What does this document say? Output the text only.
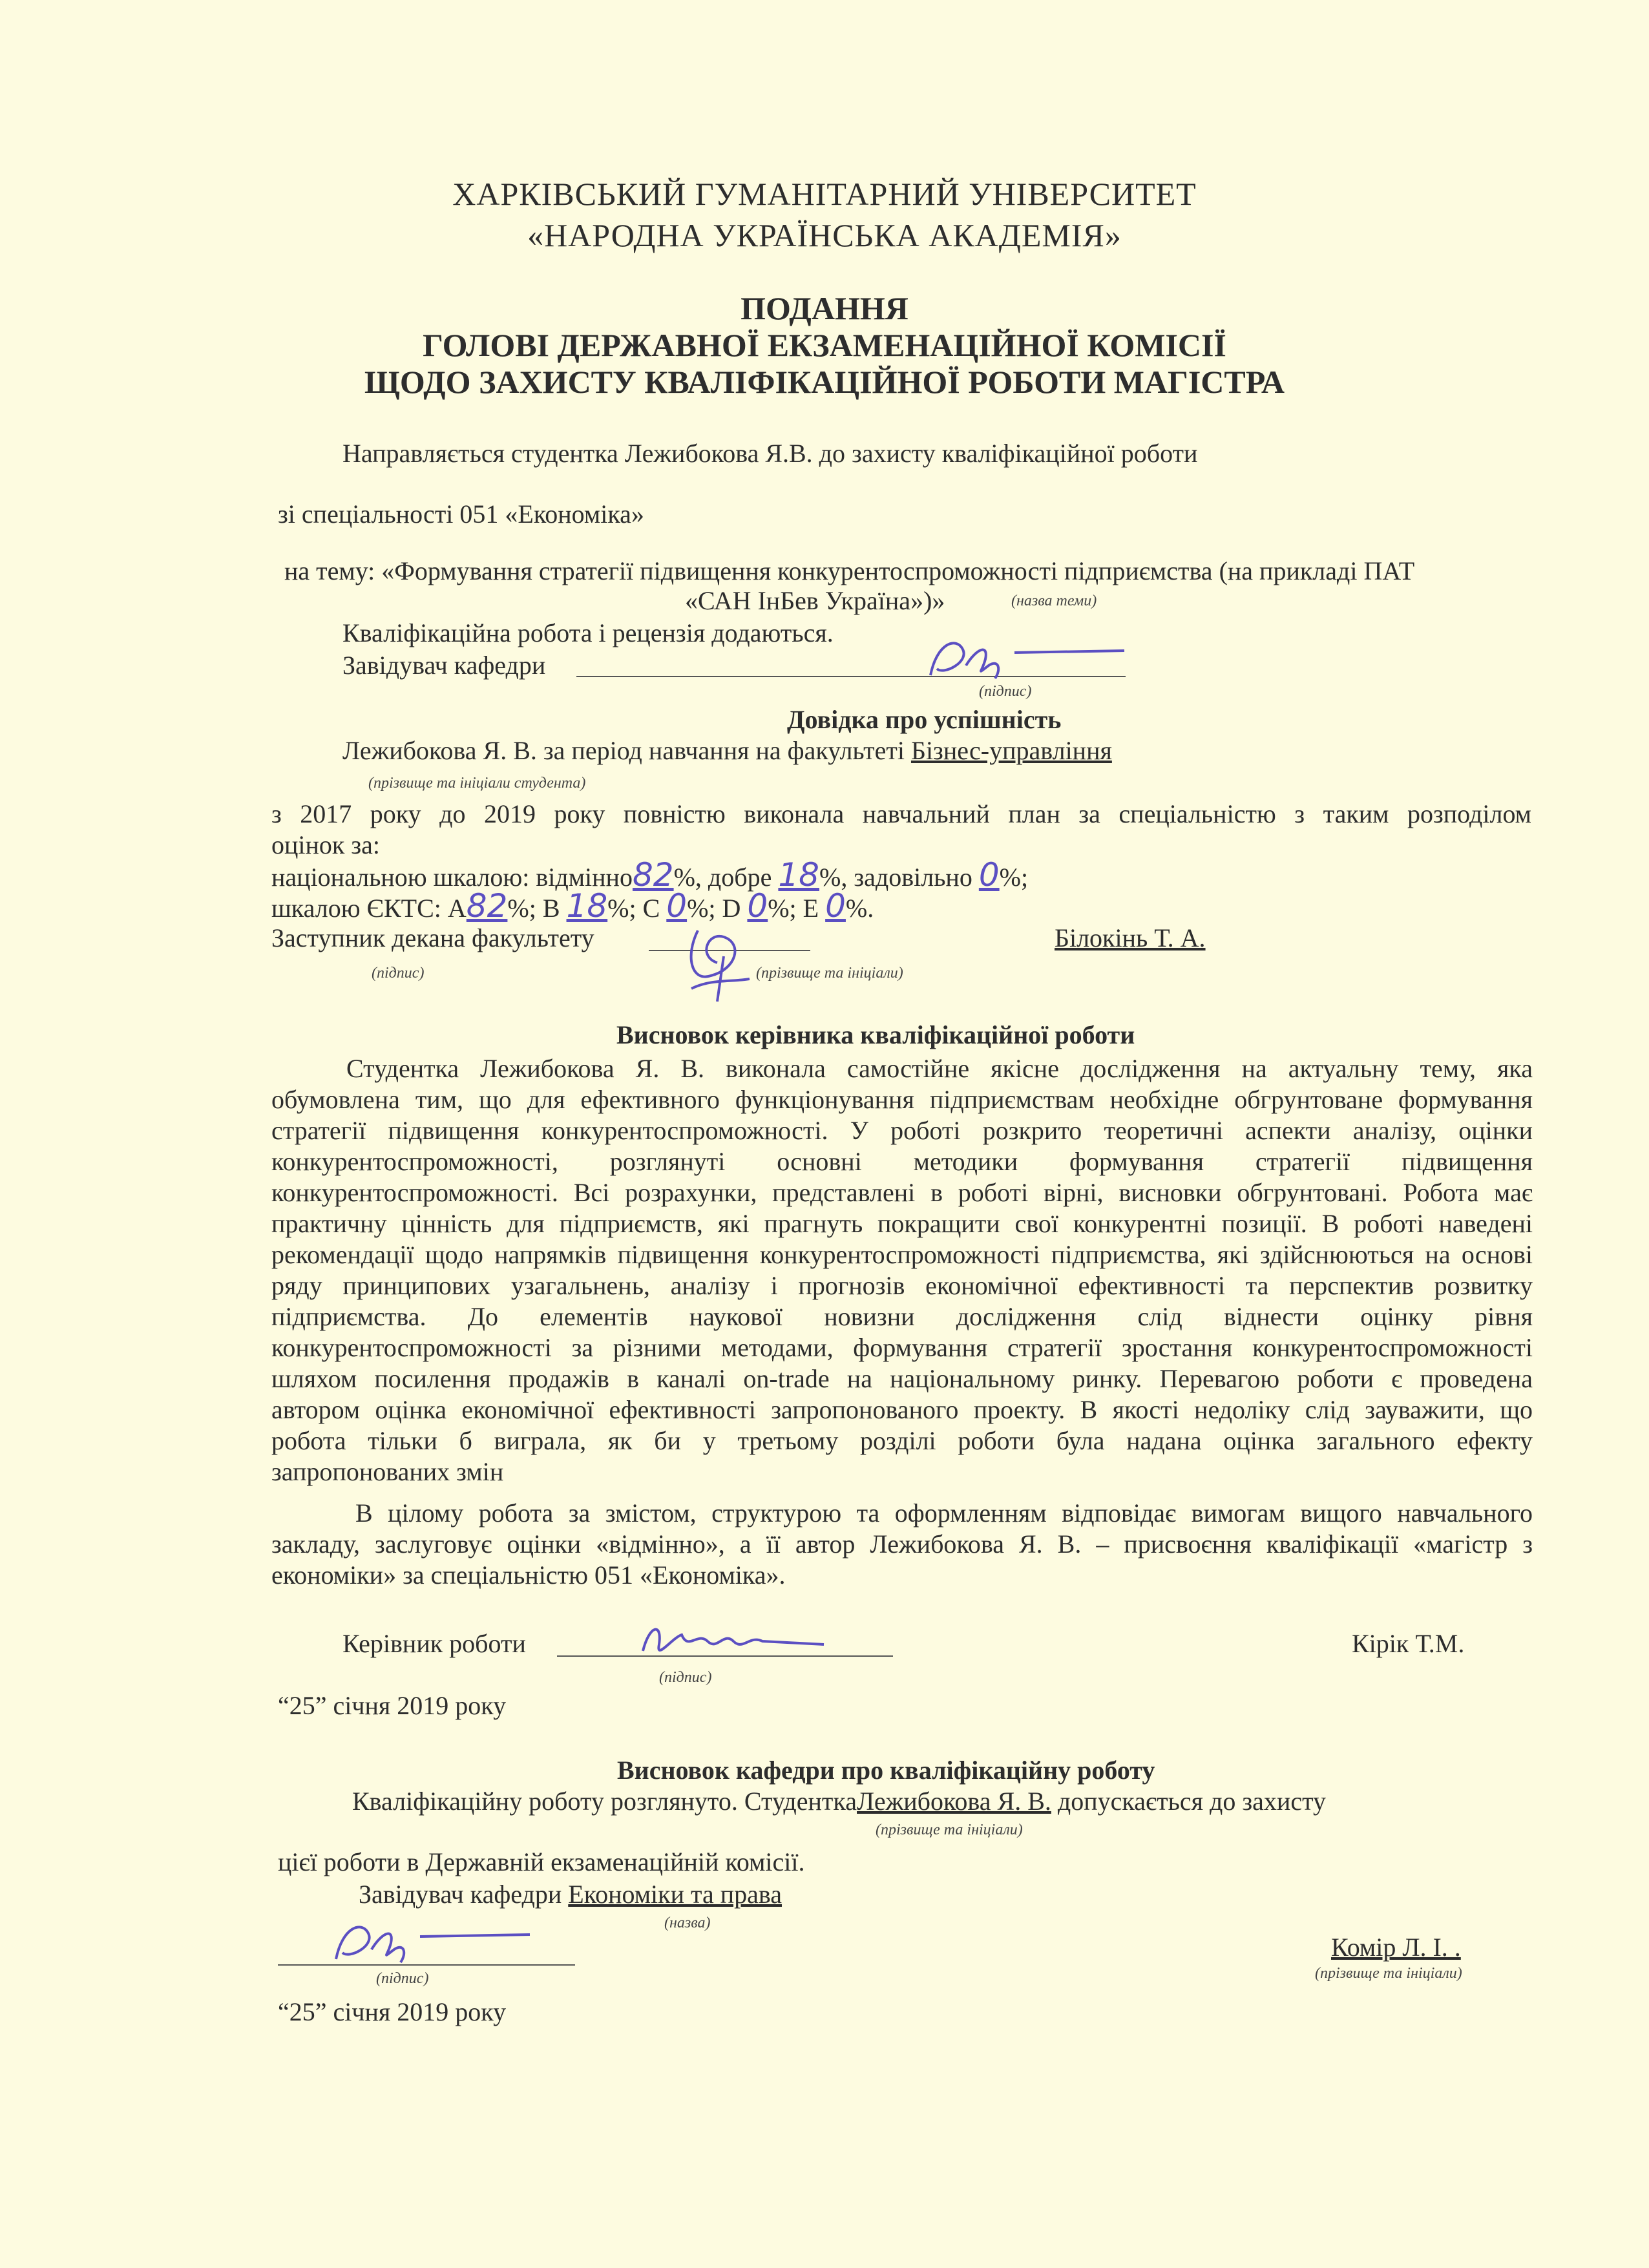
ХАРКІВСЬКИЙ ГУМАНІТАРНИЙ УНІВЕРСИТЕТ
«НАРОДНА УКРАЇНСЬКА АКАДЕМІЯ»
ПОДАННЯ
ГОЛОВІ ДЕРЖАВНОЇ ЕКЗАМЕНАЦІЙНОЇ КОМІСІЇ
ЩОДО ЗАХИСТУ КВАЛІФІКАЦІЙНОЇ РОБОТИ МАГІСТРА
Направляється студентка Лежибокова Я.В. до захисту кваліфікаційної роботи
зі спеціальності 051 «Економіка»
на тему: «Формування стратегії підвищення конкурентоспроможності підприємства (на прикладі ПАТ
«САН ІнБев Україна»)»	(назва теми)
Кваліфікаційна робота і рецензія додаються.
Завідувач кафедри
(підпис)
Довідка про успішність
Лежибокова Я. В. за період навчання на факультеті Бізнес-управління
(прізвище та ініціали студента)
з 2017 року до 2019 року повністю виконала навчальний план за спеціальністю з таким розподілом
оцінок за:
національною шкалою: відмінно82%, добре 18%, задовільно 0%;
шкалою ЄКТС: А82%; В 18%; С 0%; D 0%; Е 0%.
Заступник декана факультету	Білокінь Т. А.
(підпис)	(прізвище та ініціали)
Висновок керівника кваліфікаційної роботи
Студентка Лежибокова Я. В. виконала самостійне якісне дослідження на актуальну тему, яка
обумовлена тим, що для ефективного функціонування підприємствам необхідне обгрунтоване формування
стратегії підвищення конкурентоспроможності. У роботі розкрито теоретичні аспекти аналізу, оцінки
конкурентоспроможності, розглянуті основні методики формування стратегії підвищення
конкурентоспроможності. Всі розрахунки, представлені в роботі вірні, висновки обгрунтовані. Робота має
практичну цінність для підприємств, які прагнуть покращити свої конкурентні позиції. В роботі наведені
рекомендації щодо напрямків підвищення конкурентоспроможності підприємства, які здійснюються на основі
ряду принципових узагальнень, аналізу і прогнозів економічної ефективності та перспектив розвитку
підприємства. До елементів наукової новизни дослідження слід віднести оцінку рівня
конкурентоспроможності за різними методами, формування стратегії зростання конкурентоспроможності
шляхом посилення продажів в каналі on-trade на національному ринку. Перевагою роботи є проведена
автором оцінка економічної ефективності запропонованого проекту. В якості недоліку слід зауважити, що
робота тільки б виграла, як би у третьому розділі роботи була надана оцінка загального ефекту
запропонованих змін
В цілому робота за змістом, структурою та оформленням відповідає вимогам вищого навчального
закладу, заслуговує оцінки «відмінно», а її автор Лежибокова Я. В. – присвоєння кваліфікації «магістр з
економіки» за спеціальністю 051 «Економіка».
Керівник роботи
(підпис)
Кірік Т.М.
“25” січня 2019 року
Висновок кафедри про кваліфікаційну роботу
Кваліфікаційну роботу розглянуто. СтуденткаЛежибокова Я. В. допускається до захисту
(прізвище та ініціали)
цієї роботи в Державній екзаменаційній комісії.
Завідувач кафедри Економіки та права
(назва)
(підпис)
Комір Л. І. .
(прізвище та ініціали)
“25” січня 2019 року
